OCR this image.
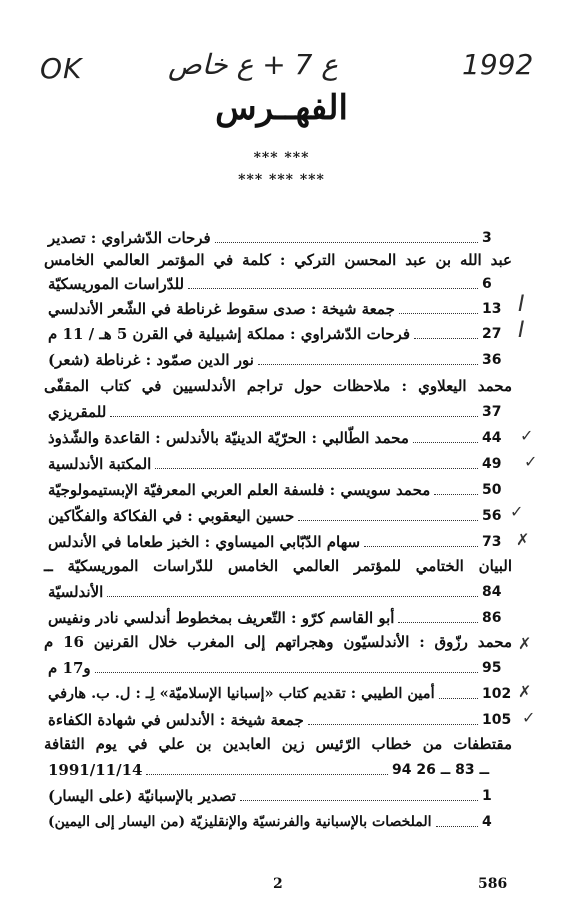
OK	ع 7 + ع خاص	1992
الفهــرس
*** ***
*** *** ***
فرحات الدّشراوي : تصدير	3
عبد الله بن عبد المحسن التركي : كلمة في المؤتمر العالمي الخامس
للدّراسات الموريسكيّة	6
جمعة شيخة : صدى سقوط غرناطة في الشّعر الأندلسي	13
فرحات الدّشراوي : مملكة إشبيلية في القرن 5 هـ / 11 م	27
نور الدين صمّود : غرناطة (شعر)	36
محمد اليعلاوي : ملاحظات حول تراجم الأندلسيين في كتاب المقفّى
للمقريزي	37
محمد الطّالبي : الحرّيّة الدينيّة بالأندلس : القاعدة والشّذوذ	44
المكتبة الأندلسية	49
محمد سويسي : فلسفة العلم العربي المعرفيّة الإبستيمولوجيّة	50
حسين اليعقوبي : في الفكاكة والفكّاكين	56
سهام الدّبّابي الميساوي : الخبز طعاما في الأندلس	73
البيان الختامي للمؤتمر العالمي الخامس للدّراسات الموريسكيّة ــ
الأندلسيّة	84
أبو القاسم كرّو : التّعريف بمخطوط أندلسي نادر ونفيس	86
محمد رزّوق : الأندلسيّون وهجراتهم إلى المغرب خلال القرنين 16 م
و17 م	95
أمين الطيبي : تقديم كتاب «إسبانيا الإسلاميّة» لِـ : ل. ب. هارفي	102
جمعة شيخة : الأندلس في شهادة الكفاءة	105
مقتطفات من خطاب الرّئيس زين العابدين بن علي في يوم الثقافة
1991/11/14	94 ــ 83 ــ 26
تصدير بالإسبانيّة (على اليسار)	1
الملخصات بالإسبانية والفرنسيّة والإنقليزيّة (من اليسار إلى اليمين)	4
I
I
✓
✓
✓
✗
✗
✗
✓
2	586
